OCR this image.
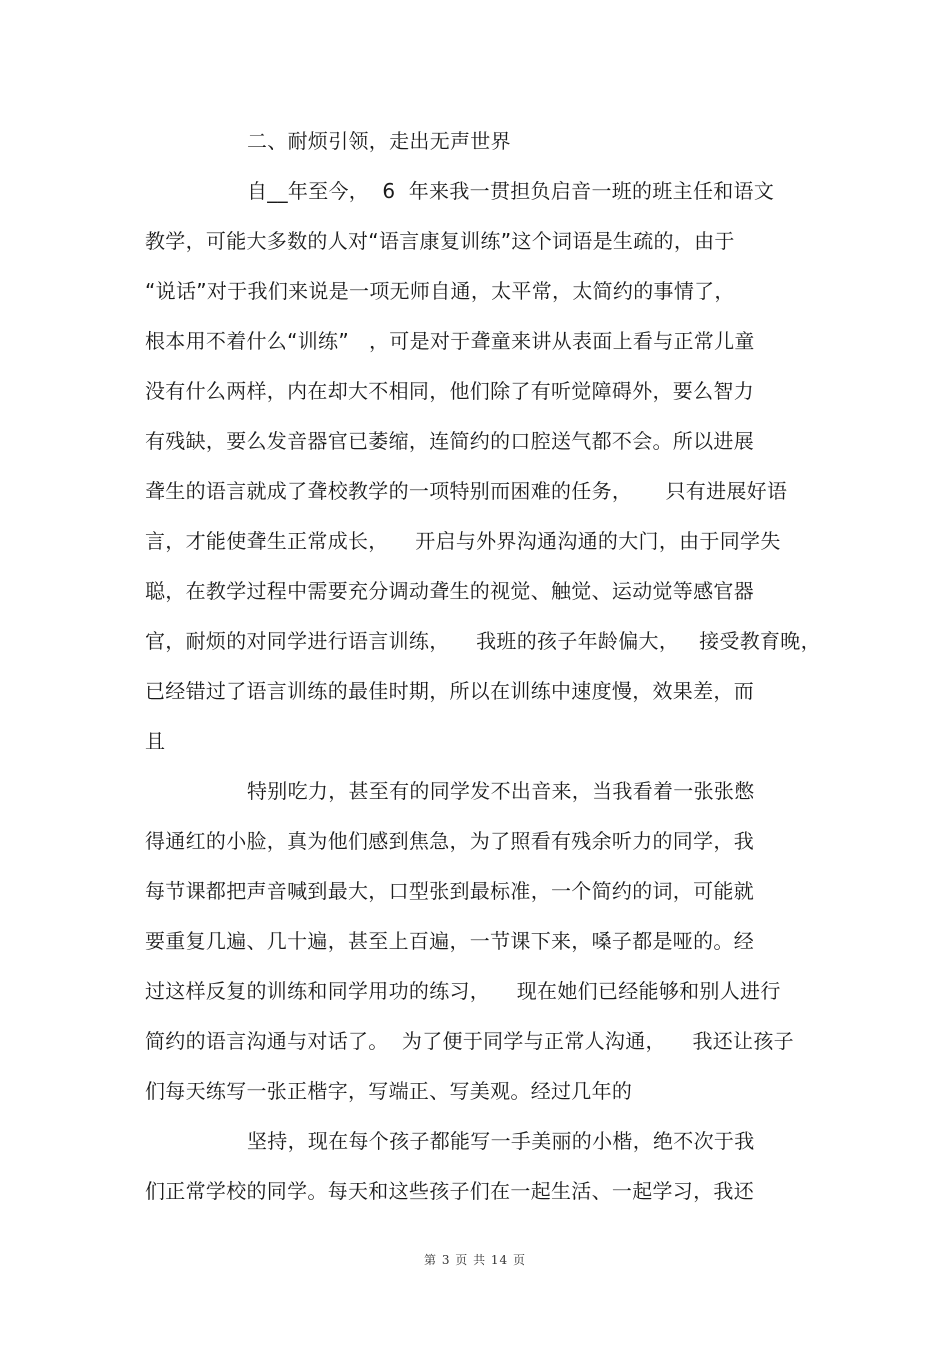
二、耐烦引领，走出无声世界
自__年至今，  6  年来我一贯担负启音一班的班主任和语文
教学，可能大多数的人对“语言康复训练”这个词语是生疏的，由于
“说话”对于我们来说是一项无师自通，太平常，太简约的事情了，
根本用不着什么“训练”   ，可是对于聋童来讲从表面上看与正常儿童
没有什么两样，内在却大不相同，他们除了有听觉障碍外，要么智力
有残缺，要么发音器官已萎缩，连简约的口腔送气都不会。所以进展
聋生的语言就成了聋校教学的一项特别而困难的任务，     只有进展好语
言，才能使聋生正常成长，    开启与外界沟通沟通的大门，由于同学失
聪，在教学过程中需要充分调动聋生的视觉、触觉、运动觉等感官器
官，耐烦的对同学进行语言训练，    我班的孩子年龄偏大，   接受教育晚，
已经错过了语言训练的最佳时期，所以在训练中速度慢，效果差，而
且
特别吃力，甚至有的同学发不出音来，当我看着一张张憋
得通红的小脸，真为他们感到焦急，为了照看有残余听力的同学，我
每节课都把声音喊到最大，口型张到最标准，一个简约的词，可能就
要重复几遍、几十遍，甚至上百遍，一节课下来，嗓子都是哑的。经
过这样反复的训练和同学用功的练习，    现在她们已经能够和别人进行
简约的语言沟通与对话了。  为了便于同学与正常人沟通，    我还让孩子
们每天练写一张正楷字，写端正、写美观。经过几年的
坚持，现在每个孩子都能写一手美丽的小楷，绝不次于我
们正常学校的同学。每天和这些孩子们在一起生活、一起学习，我还
第 3 页 共 14 页
